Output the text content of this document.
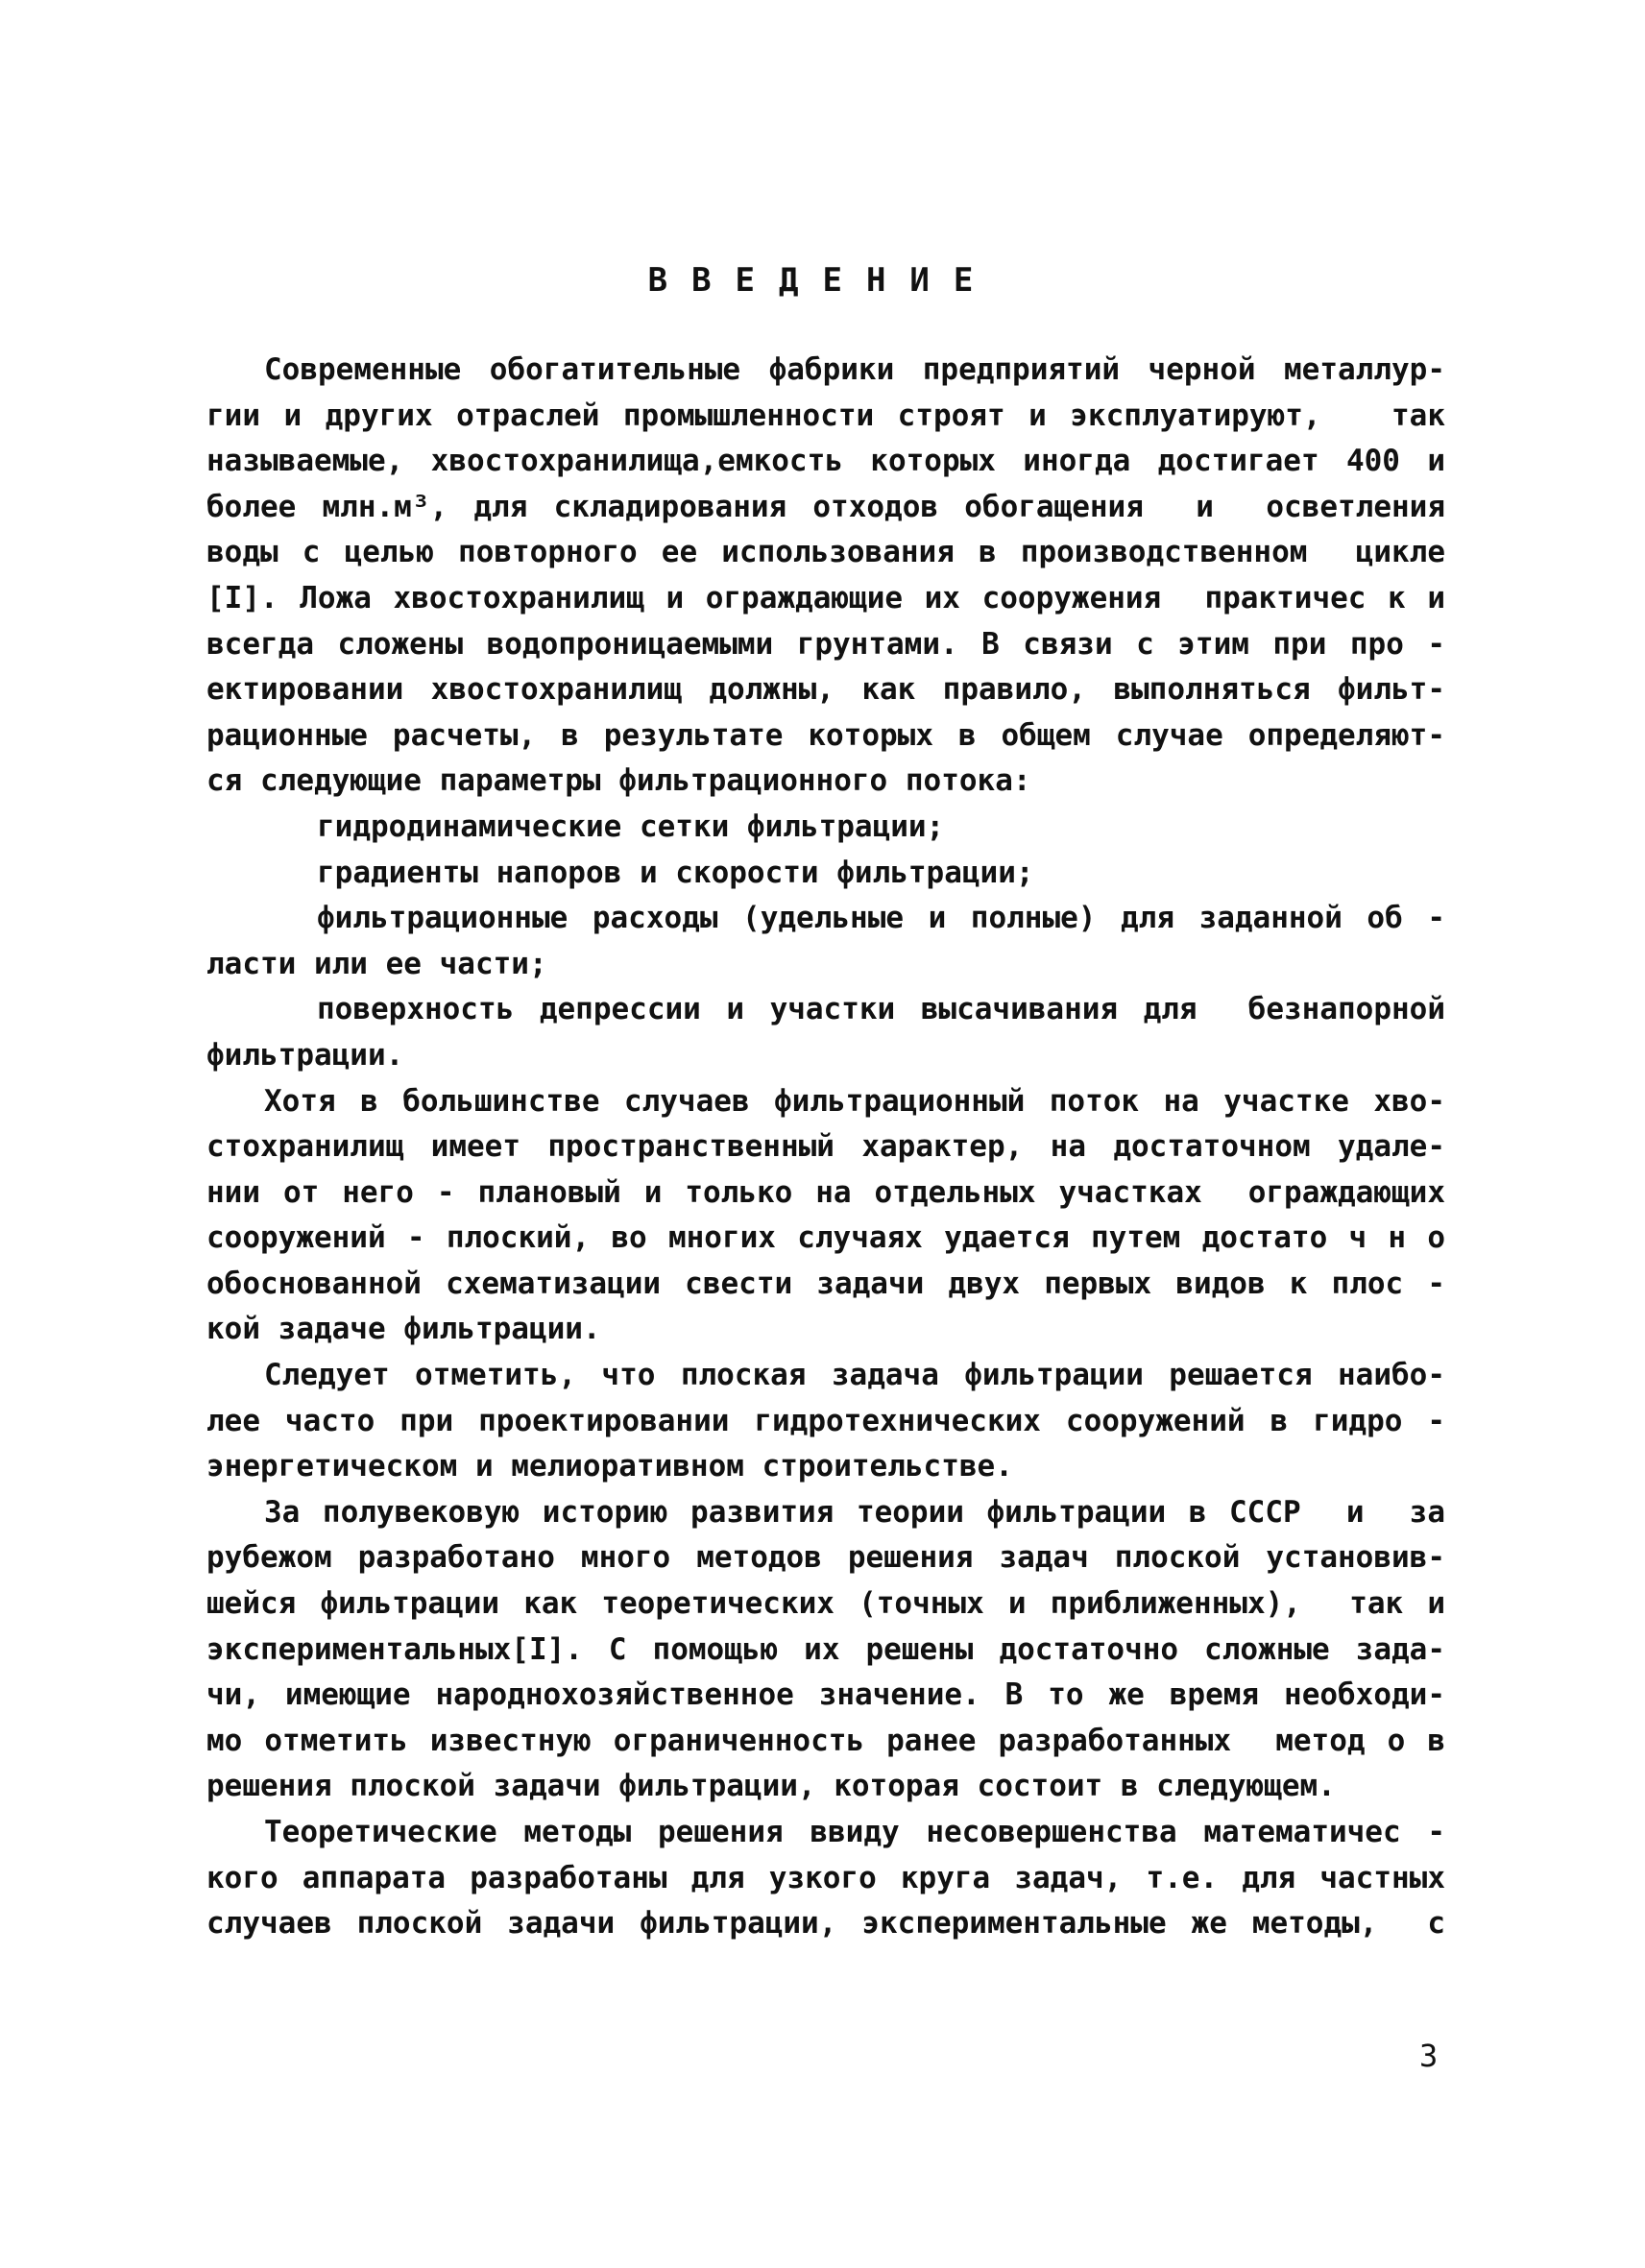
ВВЕДЕНИЕ
Современные обогатительные фабрики предприятий черной металлур-
гии и других отраслей промышленности строят и эксплуатируют,   так
называемые, хвостохранилища,емкость которых иногда достигает 400 и
более млн.м³, для складирования отходов обогащения  и  осветления
воды с целью повторного ее использования в производственном  цикле
[I]. Ложа хвостохранилищ и ограждающие их сооружения  практичес к и
всегда сложены водопроницаемыми грунтами. В связи с этим при про -
ектировании хвостохранилищ должны, как правило, выполняться фильт-
рационные расчеты, в результате которых в общем случае определяют-
ся следующие параметры фильтрационного потока:
гидродинамические сетки фильтрации;
градиенты напоров и скорости фильтрации;
фильтрационные расходы (удельные и полные) для заданной об -
ласти или ее части;
поверхность депрессии и участки высачивания для  безнапорной
фильтрации.
Хотя в большинстве случаев фильтрационный поток на участке хво-
стохранилищ имеет пространственный характер, на достаточном удале-
нии от него - плановый и только на отдельных участках  ограждающих
сооружений - плоский, во многих случаях удается путем достато ч н о
обоснованной схематизации свести задачи двух первых видов к плос -
кой задаче фильтрации.
Следует отметить, что плоская задача фильтрации решается наибо-
лее часто при проектировании гидротехнических сооружений в гидро -
энергетическом и мелиоративном строительстве.
За полувековую историю развития теории фильтрации в СССР  и  за
рубежом разработано много методов решения задач плоской установив-
шейся фильтрации как теоретических (точных и приближенных),  так и
экспериментальных[I]. С помощью их решены достаточно сложные зада-
чи, имеющие народнохозяйственное значение. В то же время необходи-
мо отметить известную ограниченность ранее разработанных  метод о в
решения плоской задачи фильтрации, которая состоит в следующем.
Теоретические методы решения ввиду несовершенства математичес -
кого аппарата разработаны для узкого круга задач, т.е. для частных
случаев плоской задачи фильтрации, экспериментальные же методы,  с
3
